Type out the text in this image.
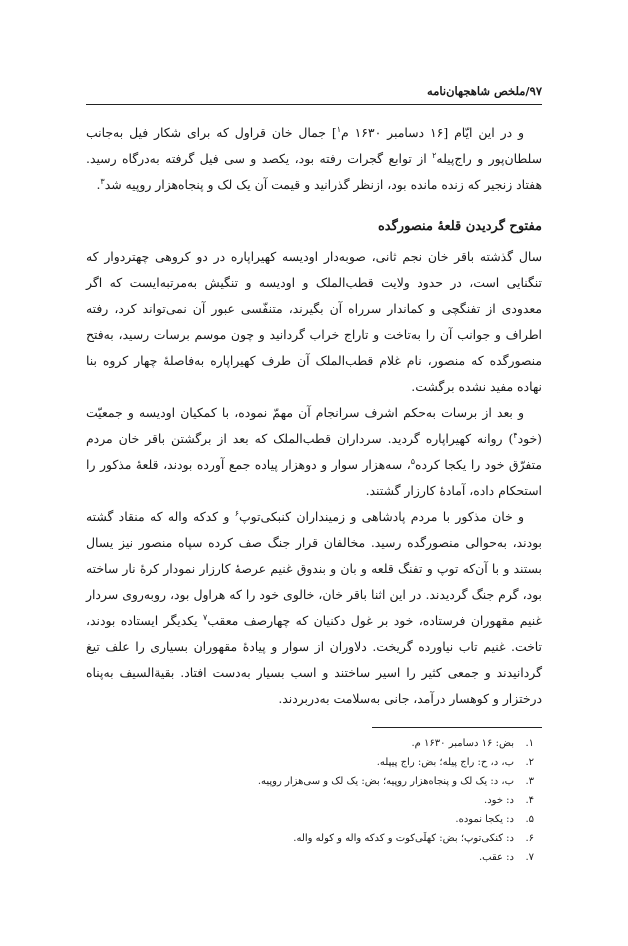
۹۷/ملخص شاهجهان‌نامه

و در این ایّام [۱۶ دسامبر ۱۶۳۰ م$^۱$] جمال خان قراول که برای شکار فیل به‌جانب سلطان‌پور و راج‌پیله$^۲$ از توابع گجرات رفته بود، یکصد و سی فیل گرفته به‌درگاه رسید. هفتاد زنجیر که زنده مانده بود، ازنظر گذرانید و قیمت آن یک لک و پنجاه‌هزار روپیه شد$^۳$.

مفتوح گردیدن قلعهٔ منصورگده

سال گذشته باقر خان نجم ثانی، صوبه‌دار اودیسه کهیراپاره در دو کروهی چهتردوار که تنگنایی است، در حدود ولایت قطب‌الملک و اودیسه و تنگیش به‌مرتبه‌ایست که اگر معدودی از تفنگچی و کماندار سرراه آن بگیرند، متنفّسی عبور آن نمی‌تواند کرد، رفته اطراف و جوانب آن را به‌تاخت و تاراج خراب گردانید و چون موسم برسات رسید، به‌فتح منصورگده که منصور، نام غلام قطب‌الملک آن طرف کهیراپاره به‌فاصلهٔ چهار کروه بنا نهاده مفید نشده برگشت.

و بعد از برسات به‌حکم اشرف سرانجام آن مهمّ نموده، با کمکیان اودیسه و جمعیّت (خود$^۴$) روانه کهیراپاره گردید. سرداران قطب‌الملک که بعد از برگشتن باقر خان مردم متفرّق خود را یکجا کرده$^۵$، سه‌هزار سوار و دوهزار پیاده جمع آورده بودند، قلعهٔ مذکور را استحکام داده، آمادهٔ کارزار گشتند.

و خان مذکور با مردم پادشاهی و زمینداران کنبکی‌توپ$^۶$ و کدکه واله که منقاد گشته بودند، به‌حوالی منصورگده رسید. مخالفان قرار جنگ صف کرده سپاه منصور نیز یسال بستند و با آن‌که توپ و تفنگ قلعه و بان و بندوق غنیم عرصهٔ کارزار نمودار کرهٔ نار ساخته بود، گرم جنگ گردیدند. در این اثنا باقر خان، خالوی خود را که هراول بود، روبه‌روی سردار غنیم مقهوران فرستاده، خود بر غول دکنیان که چهارصف معقب$^۷$ یکدیگر ایستاده بودند، تاخت. غنیم تاب نیاورده گریخت. دلاوران از سوار و پیادهٔ مقهوران بسیاری را علف تیغ گردانیدند و جمعی کثیر را اسیر ساختند و اسب بسیار به‌دست افتاد. بقیةالسیف به‌پناه درختزار و کوهسار درآمد، جانی به‌سلامت به‌دربردند.

۱.
بض: ۱۶ دسامبر ۱۶۳۰ م.
۲.
ب، د، ح: راج پیله؛ بض: راج پیپله.
۳.
ب، د: یک لک و پنجاه‌هزار روپیه؛ بض: یک لک و سی‌هزار روپیه.
۴.
د: خود.
۵.
د: یکجا نموده.
۶.
د: کنکی‌توپ؛ بض: کهلَی‌کوت و کدکه واله و کوله واله.
۷.
د: عقب.
